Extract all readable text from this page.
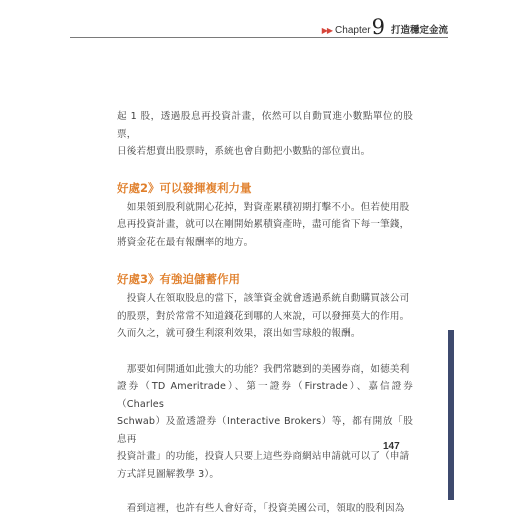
▶▶ Chapter 9 打造穩定金流

起 1 股，透過股息再投資計畫，依然可以自動買進小數點單位的股票，

日後若想賣出股票時，系統也會自動把小數點的部位賣出。

好處2》可以發揮複利力量

　如果領到股利就開心花掉，對資產累積初期打擊不小。但若使用股

息再投資計畫，就可以在剛開始累積資產時，盡可能省下每一筆錢，

將資金花在最有報酬率的地方。

好處3》有強迫儲蓄作用

　投資人在領取股息的當下，該筆資金就會透過系統自動購買該公司

的股票，對於常常不知道錢花到哪的人來說，可以發揮莫大的作用。

久而久之，就可發生利滾利效果，滾出如雪球般的報酬。

　那要如何開通如此強大的功能？我們常聽到的美國券商，如德美利

證券（TD Ameritrade）、第一證券（Firstrade）、嘉信證券（Charles

Schwab）及盈透證券（Interactive Brokers）等，都有開放「股息再

投資計畫」的功能，投資人只要上這些券商網站申請就可以了（申請

方式詳見圖解教學 3）。

　看到這裡，也許有些人會好奇，「投資美國公司，領取的股利因為

147
